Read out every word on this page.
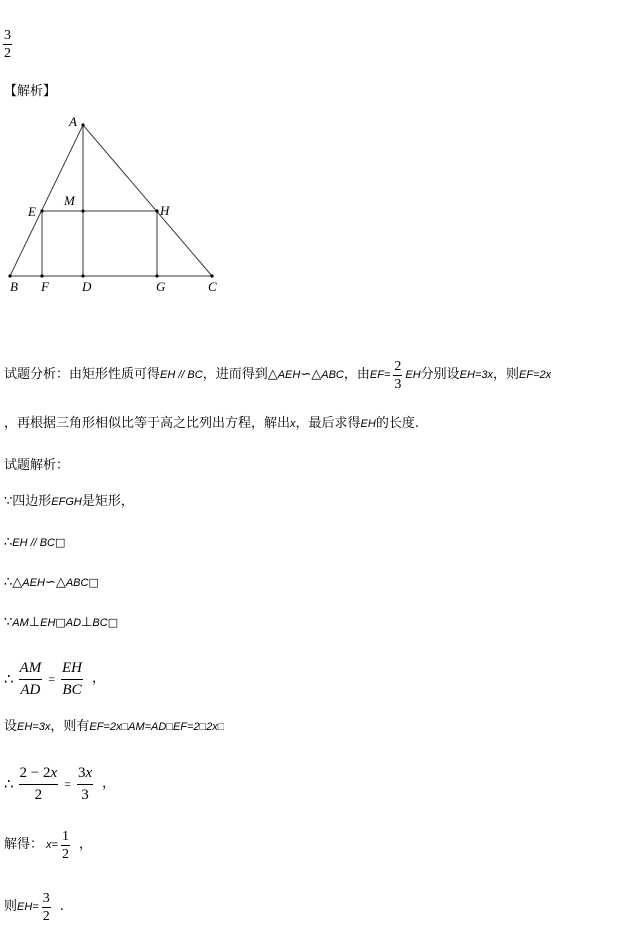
$\frac{3}{2}$
【解析】
A
E
M
H
B F	D	G	C
试题分析：由矩形性质可得 EH // BC ，进而得到 △ AEH ∽ △ ABC ，由 $EF= \frac{2}{3}$ EH 分别设 EH=3x ，则 EF=2x
，再根据三角形相似比等于高之比列出方程，解出 x ，最后求得 EH 的长度.
试题解析：
∵ 四边形 EFGH 是矩形，
∴ EH // BC □
∴ △ AEH ∽ △ ABC □
∵ AM ⊥ EH □ AD ⊥ BC □
∴ $\frac{AM}{AD} = \frac{EH}{BC}$ ，
设 EH=3x ，则有 EF=2x□AM=AD□EF=2□2x□
∴ $\frac{2 - 2x}{2} = \frac{3x}{3}$ ，
解得： $x= \frac{1}{2}$ ，
则 $EH= \frac{3}{2}$ .
